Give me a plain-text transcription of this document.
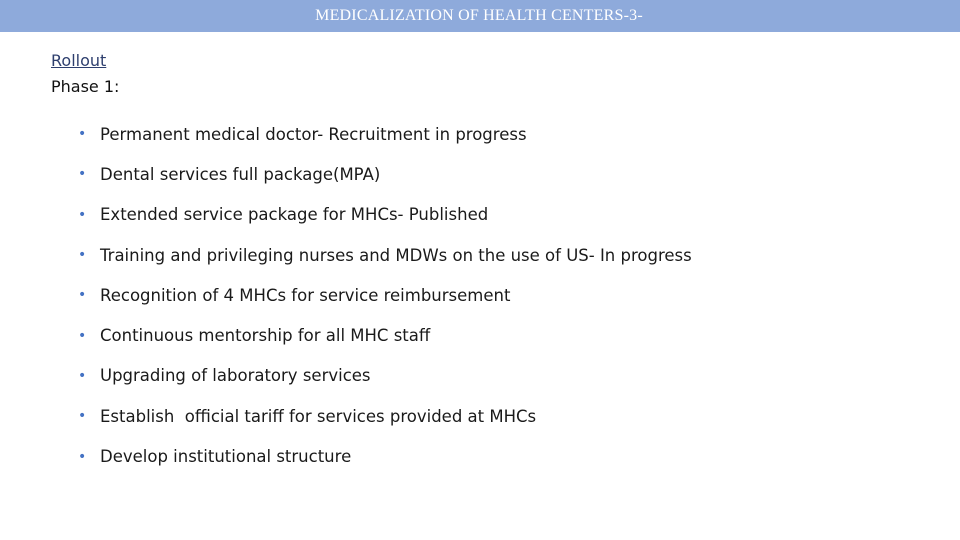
MEDICALIZATION OF HEALTH CENTERS-3-
Rollout
Phase 1:
• Permanent medical doctor- Recruitment in progress
• Dental services full package(MPA)
• Extended service package for MHCs- Published
• Training and privileging nurses and MDWs on the use of US- In progress
• Recognition of 4 MHCs for service reimbursement
• Continuous mentorship for all MHC staff
• Upgrading of laboratory services
• Establish  official tariff for services provided at MHCs
• Develop institutional structure
